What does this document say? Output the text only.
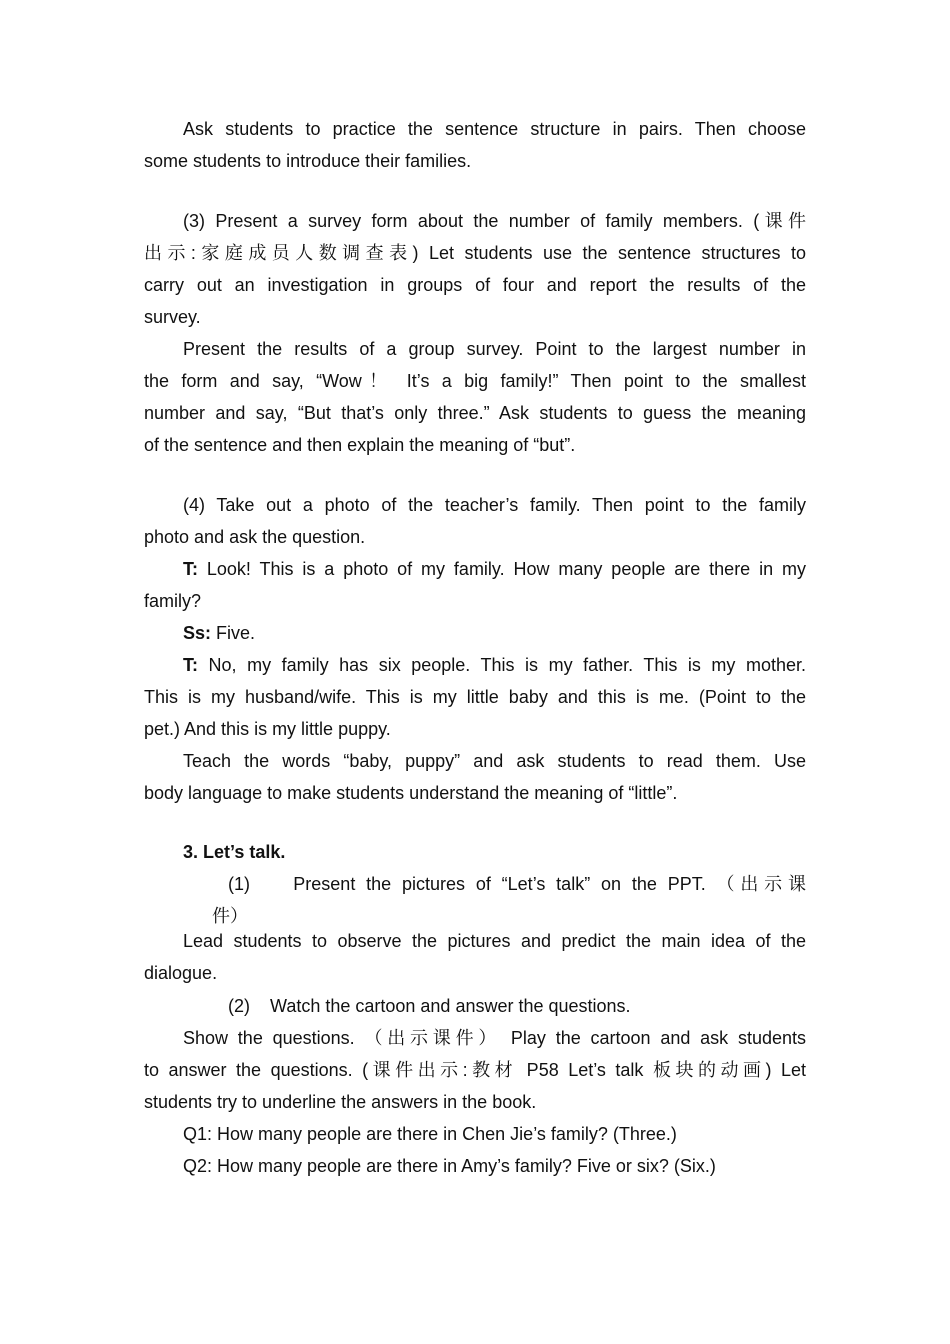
Ask students to practice the sentence structure in pairs. Then choose
some students to introduce their families.
(3) Present a survey form about the number of family members. (课件
出示:家庭成员人数调查表) Let students use the sentence structures to
carry out an investigation in groups of four and report the results of the
survey.
Present the results of a group survey. Point to the largest number in
the form and say, “Wow！ It’s a big family!” Then point to the smallest
number and say, “But that’s only three.” Ask students to guess the meaning
of the sentence and then explain the meaning of “but”.
(4) Take out a photo of the teacher’s family. Then point to the family
photo and ask the question.
T: Look! This is a photo of my family. How many people are there in my
family?
Ss: Five.
T: No, my family has six people. This is my father. This is my mother.
This is my husband/wife. This is my little baby and this is me. (Point to the
pet.) And this is my little puppy.
Teach the words “baby, puppy” and ask students to read them. Use
body language to make students understand the meaning of “little”.
3. Let’s talk.
(1)    Present the pictures of “Let’s talk” on the PPT. （出示课
件）
Lead students to observe the pictures and predict the main idea of the
dialogue.
(2)    Watch the cartoon and answer the questions.
Show the questions. （出示课件） Play the cartoon and ask students
to answer the questions. (课件出示:教材 P58 Let’s talk 板块的动画) Let
students try to underline the answers in the book.
Q1: How many people are there in Chen Jie’s family? (Three.)
Q2: How many people are there in Amy’s family? Five or six? (Six.)
